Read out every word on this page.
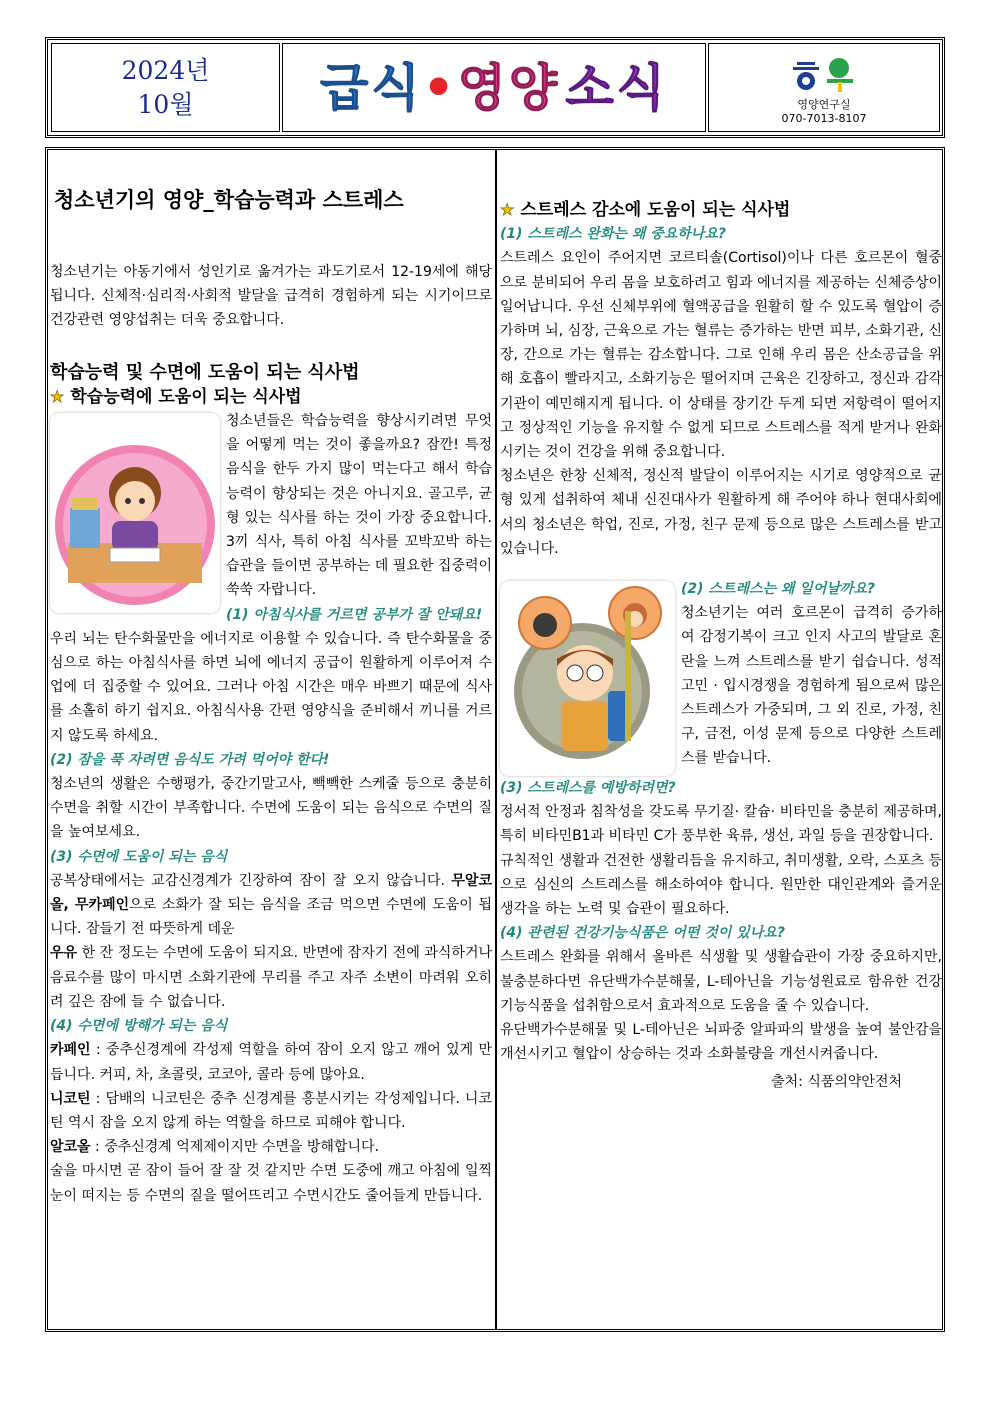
2024년
10월	급식•영양 소식	영양연구실
070-7013-8107
청소년기의 영양_학습능력과 스트레스

청소년기는 아동기에서 성인기로 옮겨가는 과도기로서 12-19세에 해당됩니다. 신체적·심리적·사회적 발달을 급격히 경험하게 되는 시기이므로 건강관련 영양섭취는 더욱 중요합니다.

학습능력 및 수면에 도움이 되는 식사법
★ 학습능력에 도움이 되는 식사법

청소년들은 학습능력을 향상시키려면 무엇을 어떻게 먹는 것이 좋을까요? 잠깐! 특정 음식을 한두 가지 많이 먹는다고 해서 학습능력이 향상되는 것은 아니지요. 골고루, 균형 있는 식사를 하는 것이 가장 중요합니다. 3끼 식사, 특히 아침 식사를 꼬박꼬박 하는 습관을 들이면 공부하는 데 필요한 집중력이 쑥쑥 자랍니다.

(1) 아침식사를 거르면 공부가 잘 안돼요!

우리 뇌는 탄수화물만을 에너지로 이용할 수 있습니다. 즉 탄수화물을 중심으로 하는 아침식사를 하면 뇌에 에너지 공급이 원활하게 이루어져 수업에 더 집중할 수 있어요. 그러나 아침 시간은 매우 바쁘기 때문에 식사를 소홀히 하기 쉽지요. 아침식사용 간편 영양식을 준비해서 끼니를 거르지 않도록 하세요.

(2) 잠을 푹 자려면 음식도 가려 먹어야 한다!

청소년의 생활은 수행평가, 중간기말고사, 빽빽한 스케줄 등으로 충분히 수면을 취할 시간이 부족합니다. 수면에 도움이 되는 음식으로 수면의 질을 높여보세요.

(3) 수면에 도움이 되는 음식

공복상태에서는 교감신경계가 긴장하여 잠이 잘 오지 않습니다. 무알코올, 무카페인으로 소화가 잘 되는 음식을 조금 먹으면 수면에 도움이 됩니다. 잠들기 전 따뜻하게 데운
우유 한 잔 정도는 수면에 도움이 되지요. 반면에 잠자기 전에 과식하거나 음료수를 많이 마시면 소화기관에 무리를 주고 자주 소변이 마려워 오히려 깊은 잠에 들 수 없습니다.

(4) 수면에 방해가 되는 음식

카페인 : 중추신경계에 각성제 역할을 하여 잠이 오지 않고 깨어 있게 만듭니다. 커피, 차, 초콜릿, 코코아, 콜라 등에 많아요.

니코틴 : 담배의 니코틴은 중추 신경계를 흥분시키는 각성제입니다. 니코틴 역시 잠을 오지 않게 하는 역할을 하므로 피해야 합니다.

알코올 : 중추신경계 억제제이지만 수면을 방해합니다.

술을 마시면 곧 잠이 들어 잘 잘 것 같지만 수면 도중에 깨고 아침에 일찍 눈이 떠지는 등 수면의 질을 떨어뜨리고 수면시간도 줄어들게 만듭니다.

★ 스트레스 감소에 도움이 되는 식사법
(1) 스트레스 완화는 왜 중요하나요?

스트레스 요인이 주어지면 코르티솔(Cortisol)이나 다른 호르몬이 혈중으로 분비되어 우리 몸을 보호하려고 힘과 에너지를 제공하는 신체증상이 일어납니다. 우선 신체부위에 혈액공급을 원활히 할 수 있도록 혈압이 증가하며 뇌, 심장, 근육으로 가는 혈류는 증가하는 반면 피부, 소화기관, 신장, 간으로 가는 혈류는 감소합니다. 그로 인해 우리 몸은 산소공급을 위해 호흡이 빨라지고, 소화기능은 떨어지며 근육은 긴장하고, 정신과 감각기관이 예민해지게 됩니다. 이 상태를 장기간 두게 되면 저항력이 떨어지고 정상적인 기능을 유지할 수 없게 되므로 스트레스를 적게 받거나 완화시키는 것이 건강을 위해 중요합니다.

청소년은 한창 신체적, 정신적 발달이 이루어지는 시기로 영양적으로 균형 있게 섭취하여 체내 신진대사가 원활하게 해 주어야 하나 현대사회에서의 청소년은 학업, 진로, 가정, 친구 문제 등으로 많은 스트레스를 받고 있습니다.

(2) 스트레스는 왜 일어날까요?

청소년기는 여러 호르몬이 급격히 증가하여 감정기복이 크고 인지 사고의 발달로 혼란을 느껴 스트레스를 받기 쉽습니다. 성적고민 · 입시경쟁을 경험하게 됨으로써 많은 스트레스가 가중되며, 그 외 진로, 가정, 친구, 금전, 이성 문제 등으로 다양한 스트레스를 받습니다.

(3) 스트레스를 예방하려면?

정서적 안정과 침착성을 갖도록 무기질· 칼슘· 비타민을 충분히 제공하며, 특히 비타민B1과 비타민 C가 풍부한 육류, 생선, 과일 등을 권장합니다.

규칙적인 생활과 건전한 생활리듬을 유지하고, 취미생활, 오락, 스포츠 등으로 심신의 스트레스를 해소하여야 합니다. 원만한 대인관계와 즐거운 생각을 하는 노력 및 습관이 필요하다.

(4) 관련된 건강기능식품은 어떤 것이 있나요?

스트레스 완화를 위해서 올바른 식생활 및 생활습관이 가장 중요하지만, 불충분하다면 유단백가수분해물, L-테아닌을 기능성원료로 함유한 건강기능식품을 섭취함으로서 효과적으로 도움을 줄 수 있습니다.

유단백가수분해물 및 L-테아닌은 뇌파중 알파파의 발생을 높여 불안감을 개선시키고 혈압이 상승하는 것과 소화불량을 개선시켜줍니다.

출처: 식품의약안전처
